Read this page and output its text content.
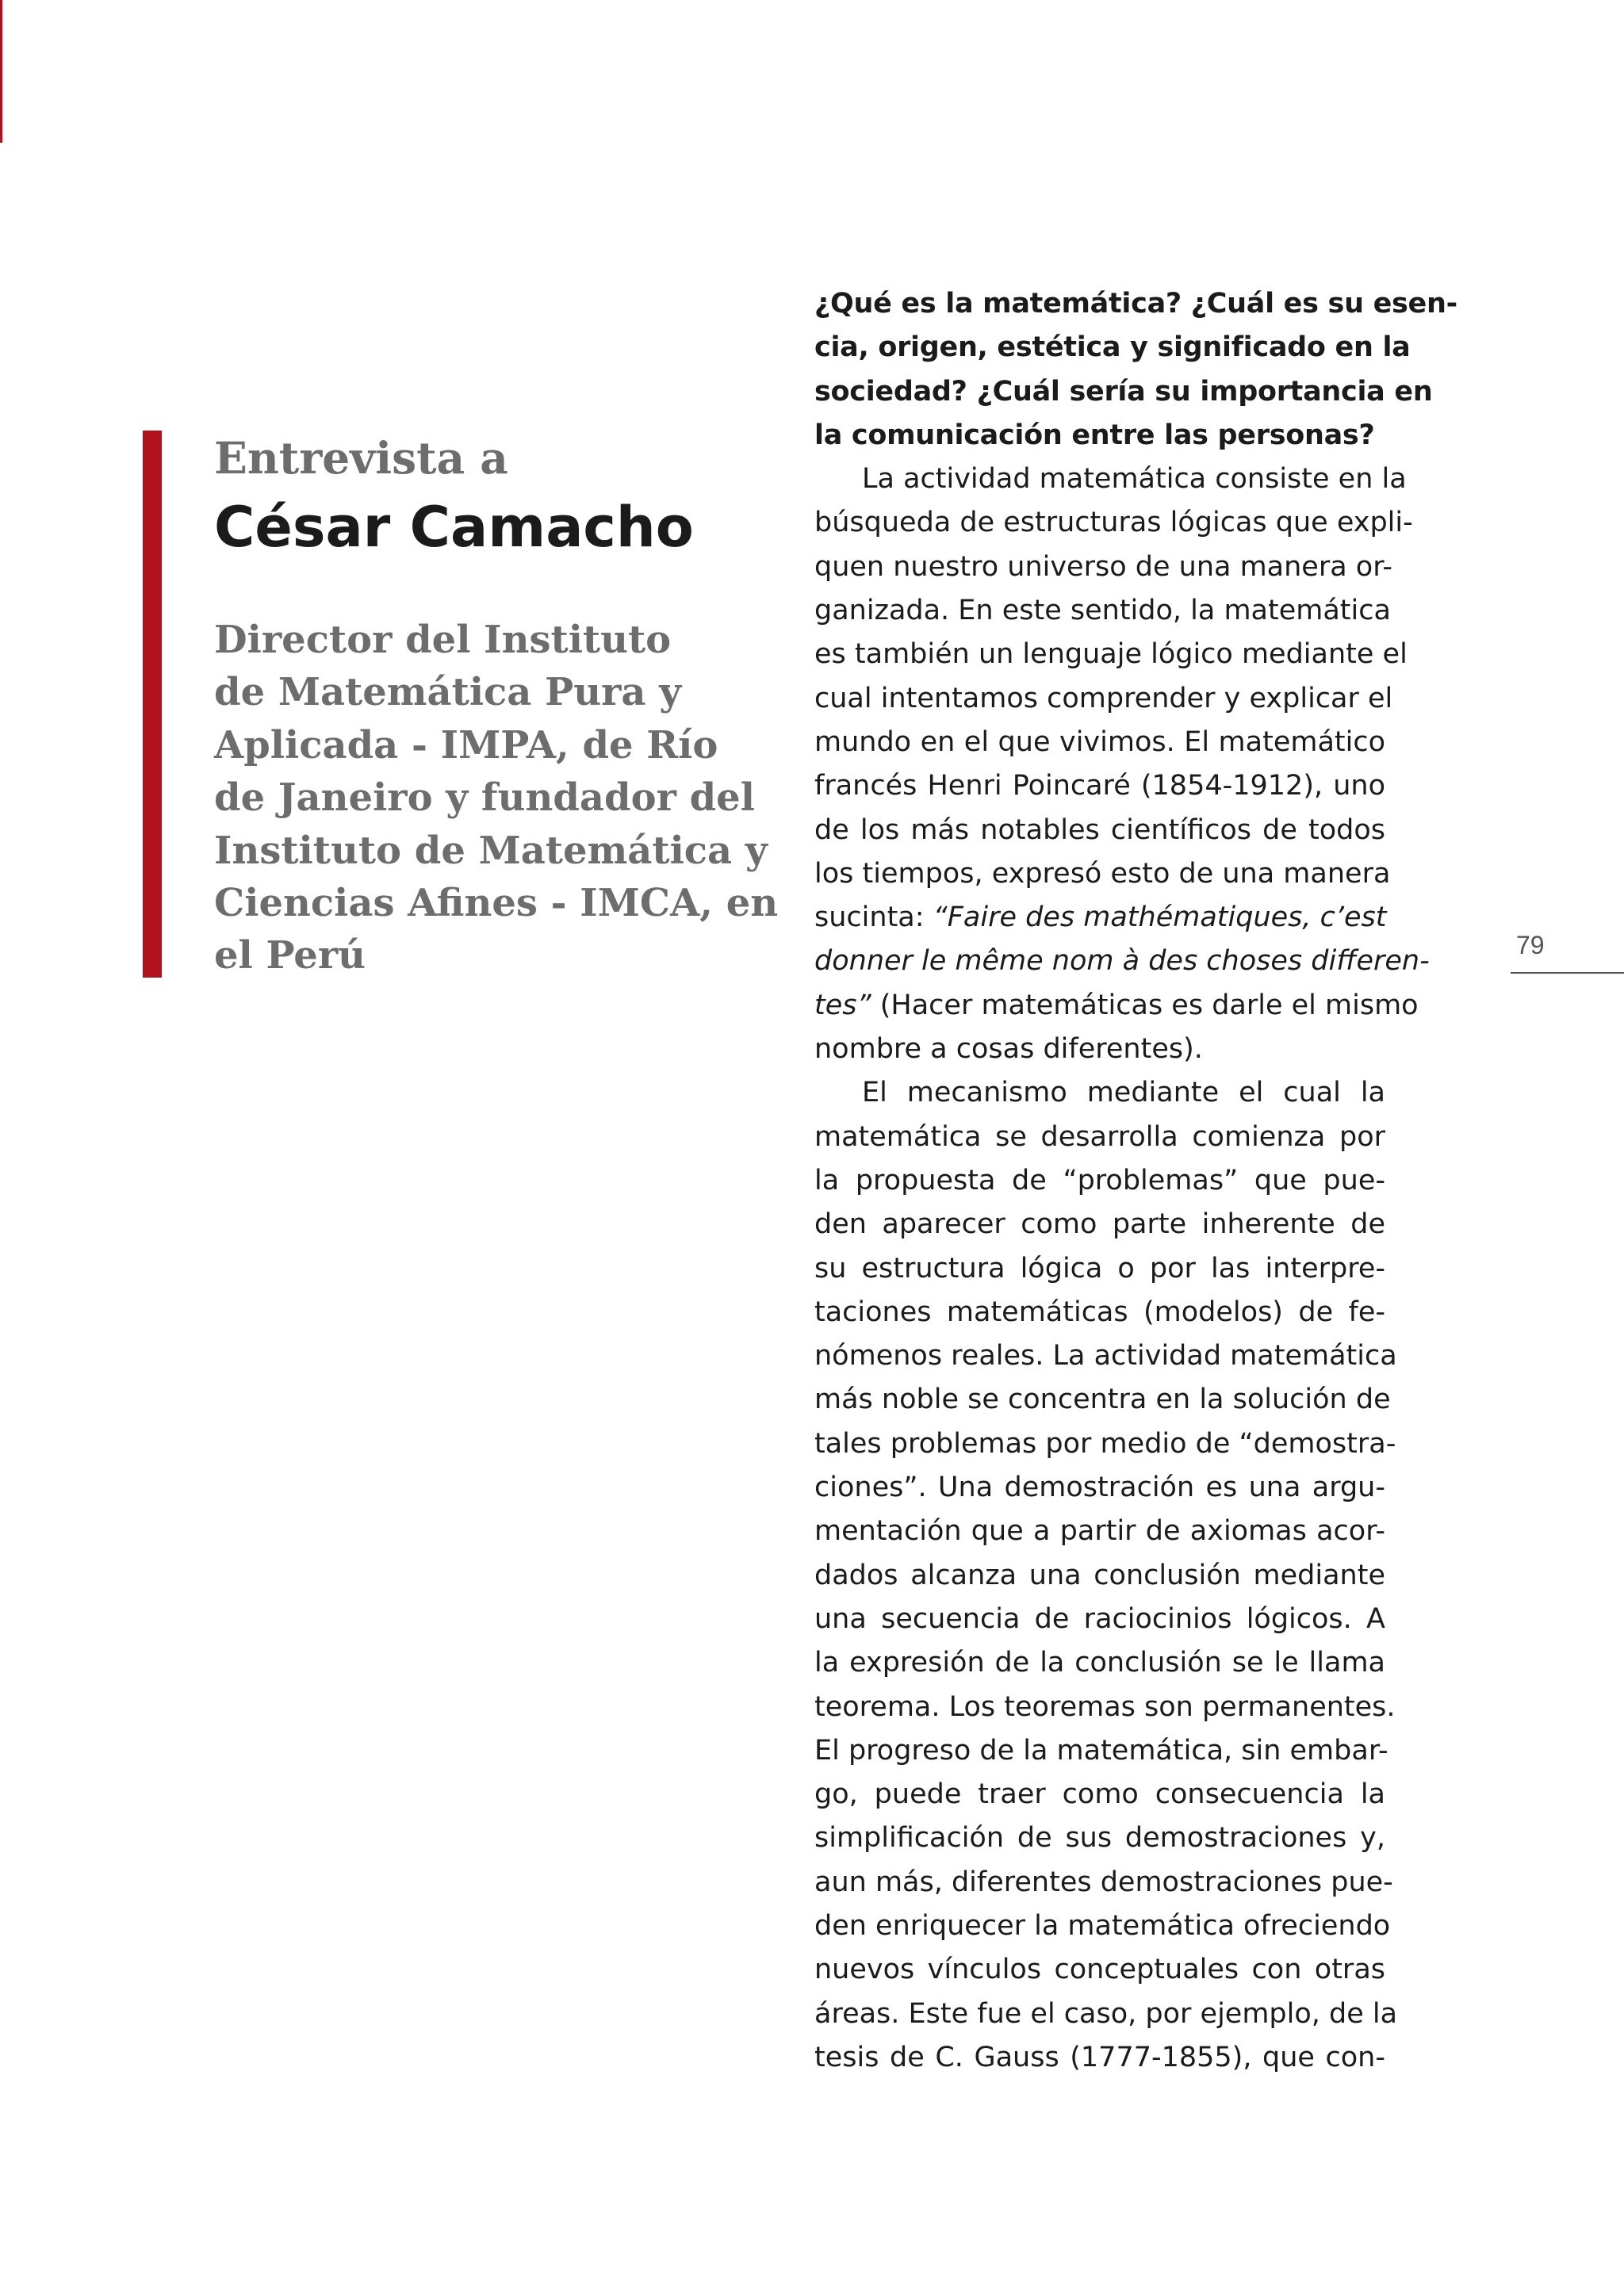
Entrevista a
César Camacho

Director del Instituto
de Matemática Pura y
Aplicada - IMPA, de Río
de Janeiro y fundador del
Instituto de Matemática y
Ciencias Afines - IMCA, en
el Perú

¿Qué es la matemática? ¿Cuál es su esen-
cia, origen, estética y significado en la
sociedad? ¿Cuál sería su importancia en
la comunicación entre las personas?
La actividad matemática consiste en la
búsqueda de estructuras lógicas que expli-
quen nuestro universo de una manera or-
ganizada. En este sentido, la matemática
es también un lenguaje lógico mediante el
cual intentamos comprender y explicar el
mundo en el que vivimos. El matemático
francés Henri Poincaré (1854-1912), uno
de los más notables científicos de todos
los tiempos, expresó esto de una manera
sucinta: “Faire des mathématiques, c’est
donner le même nom à des choses differen-
tes” (Hacer matemáticas es darle el mismo
nombre a cosas diferentes).
El mecanismo mediante el cual la
matemática se desarrolla comienza por
la propuesta de “problemas” que pue-
den aparecer como parte inherente de
su estructura lógica o por las interpre-
taciones matemáticas (modelos) de fe-
nómenos reales. La actividad matemática
más noble se concentra en la solución de
tales problemas por medio de “demostra-
ciones”. Una demostración es una argu-
mentación que a partir de axiomas acor-
dados alcanza una conclusión mediante
una secuencia de raciocinios lógicos. A
la expresión de la conclusión se le llama
teorema. Los teoremas son permanentes.
El progreso de la matemática, sin embar-
go, puede traer como consecuencia la
simplificación de sus demostraciones y,
aun más, diferentes demostraciones pue-
den enriquecer la matemática ofreciendo
nuevos vínculos conceptuales con otras
áreas. Este fue el caso, por ejemplo, de la
tesis de C. Gauss (1777-1855), que con-
79
